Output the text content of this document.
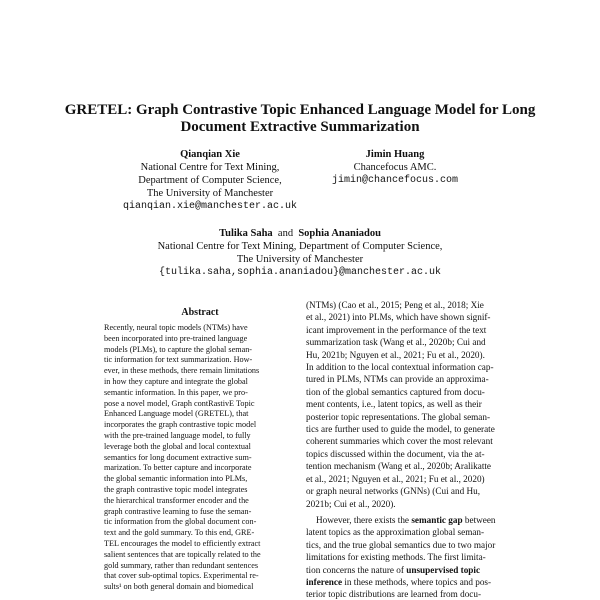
GRETEL: Graph Contrastive Topic Enhanced Language Model for Long
Document Extractive Summarization
Qianqian Xie
National Centre for Text Mining,
Department of Computer Science,
The University of Manchester
qianqian.xie@manchester.ac.uk
Jimin Huang
Chancefocus AMC.
jimin@chancefocus.com
Tulika Saha and Sophia Ananiadou
National Centre for Text Mining, Department of Computer Science,
The University of Manchester
{tulika.saha,sophia.ananiadou}@manchester.ac.uk
Abstract
Recently, neural topic models (NTMs) have
been incorporated into pre-trained language
models (PLMs), to capture the global seman-
tic information for text summarization. How-
ever, in these methods, there remain limitations
in how they capture and integrate the global
semantic information. In this paper, we pro-
pose a novel model, Graph contRastivE Topic
Enhanced Language model (GRETEL), that
incorporates the graph contrastive topic model
with the pre-trained language model, to fully
leverage both the global and local contextual
semantics for long document extractive sum-
marization. To better capture and incorporate
the global semantic information into PLMs,
the graph contrastive topic model integrates
the hierarchical transformer encoder and the
graph contrastive learning to fuse the seman-
tic information from the global document con-
text and the gold summary. To this end, GRE-
TEL encourages the model to efficiently extract
salient sentences that are topically related to the
gold summary, rather than redundant sentences
that cover sub-optimal topics. Experimental re-
sults¹ on both general domain and biomedical
(NTMs) (Cao et al., 2015; Peng et al., 2018; Xie
et al., 2021) into PLMs, which have shown signif-
icant improvement in the performance of the text
summarization task (Wang et al., 2020b; Cui and
Hu, 2021b; Nguyen et al., 2021; Fu et al., 2020).
In addition to the local contextual information cap-
tured in PLMs, NTMs can provide an approxima-
tion of the global semantics captured from docu-
ment contents, i.e., latent topics, as well as their
posterior topic representations. The global seman-
tics are further used to guide the model, to generate
coherent summaries which cover the most relevant
topics discussed within the document, via the at-
tention mechanism (Wang et al., 2020b; Aralikatte
et al., 2021; Nguyen et al., 2021; Fu et al., 2020)
or graph neural networks (GNNs) (Cui and Hu,
2021b; Cui et al., 2020).
However, there exists the semantic gap between
latent topics as the approximation global seman-
tics, and the true global semantics due to two major
limitations for existing methods. The first limita-
tion concerns the nature of unsupervised topic
inference in these methods, where topics and pos-
terior topic distributions are learned from docu-
